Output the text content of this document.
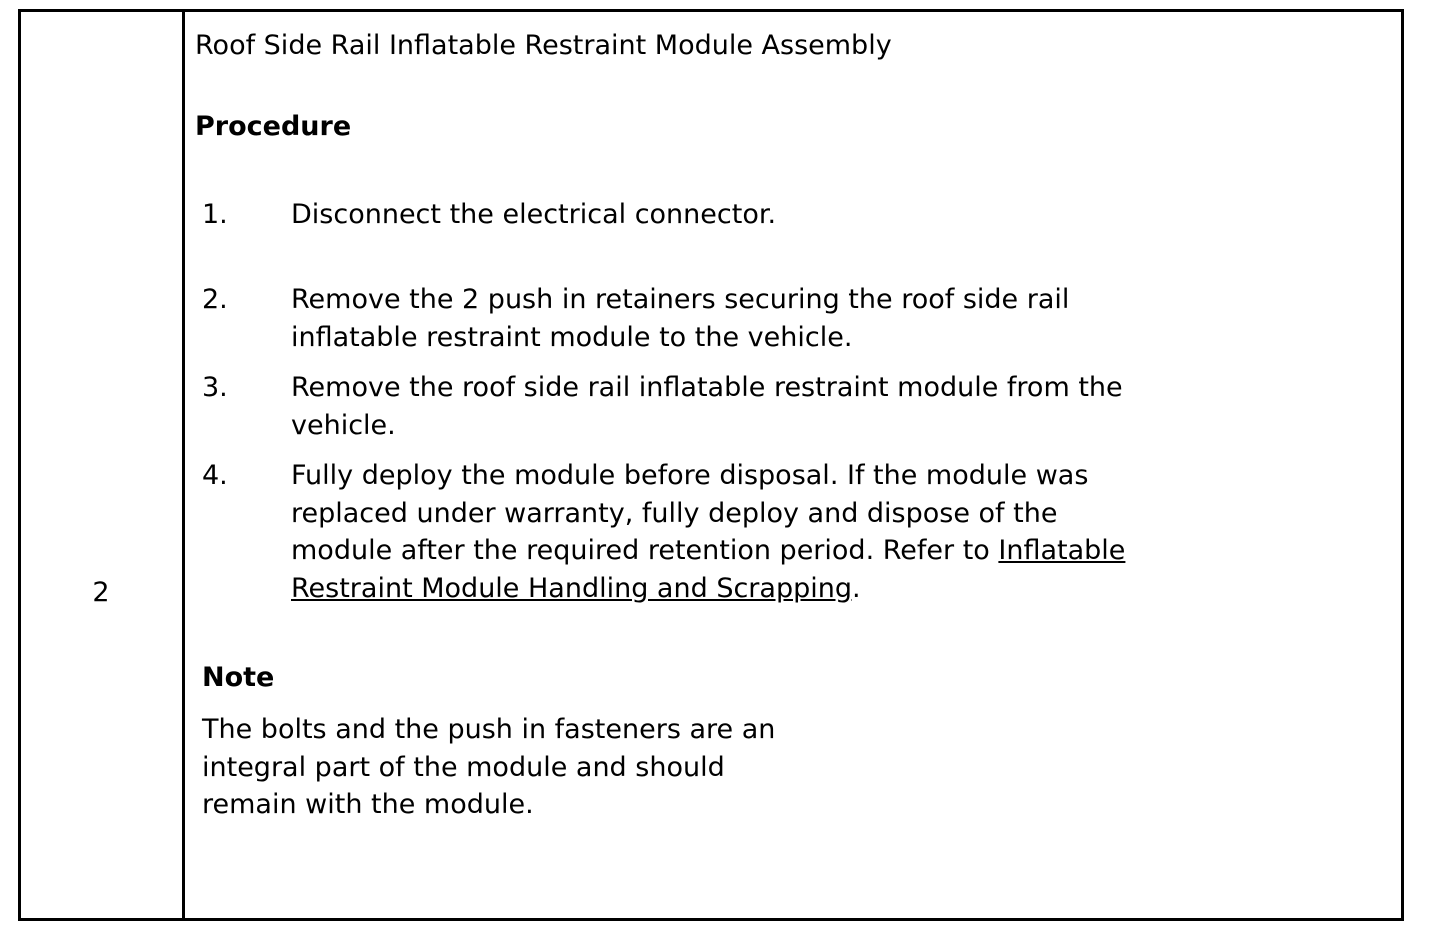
2
Roof Side Rail Inflatable Restraint Module Assembly
Procedure
1. Disconnect the electrical connector.
2. Remove the 2 push in retainers securing the roof side rail
inflatable restraint module to the vehicle.
3. Remove the roof side rail inflatable restraint module from the
vehicle.
4. Fully deploy the module before disposal. If the module was
replaced under warranty, fully deploy and dispose of the
module after the required retention period. Refer to Inflatable
Restraint Module Handling and Scrapping.
Note
The bolts and the push in fasteners are an
integral part of the module and should
remain with the module.
